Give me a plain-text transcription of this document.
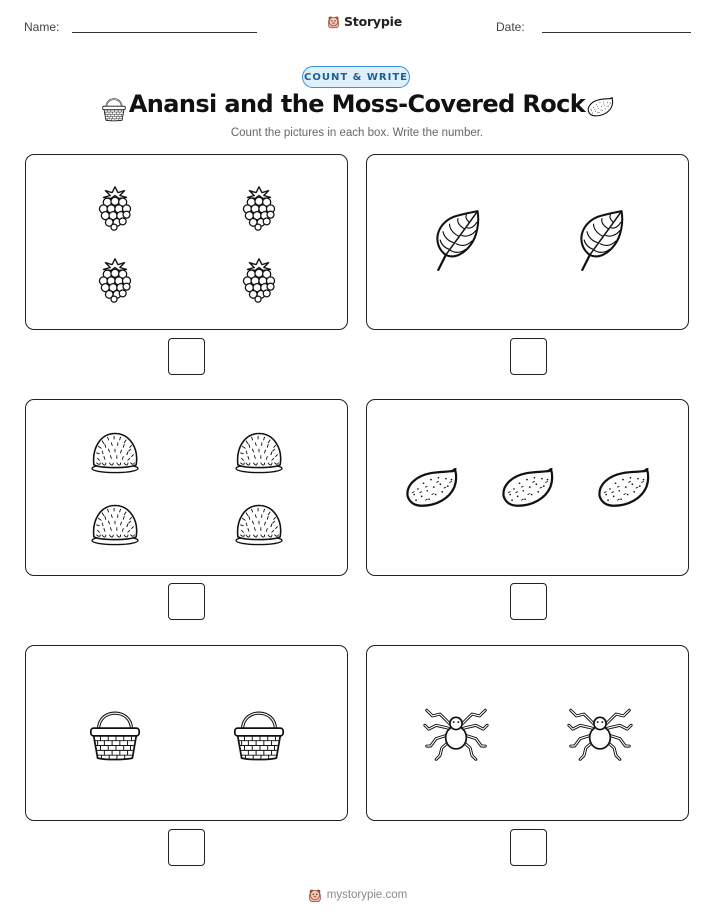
Name:	Storypie	Date:
COUNT & WRITE
Anansi and the Moss-Covered Rock
Count the pictures in each box. Write the number.
mystorypie.com
